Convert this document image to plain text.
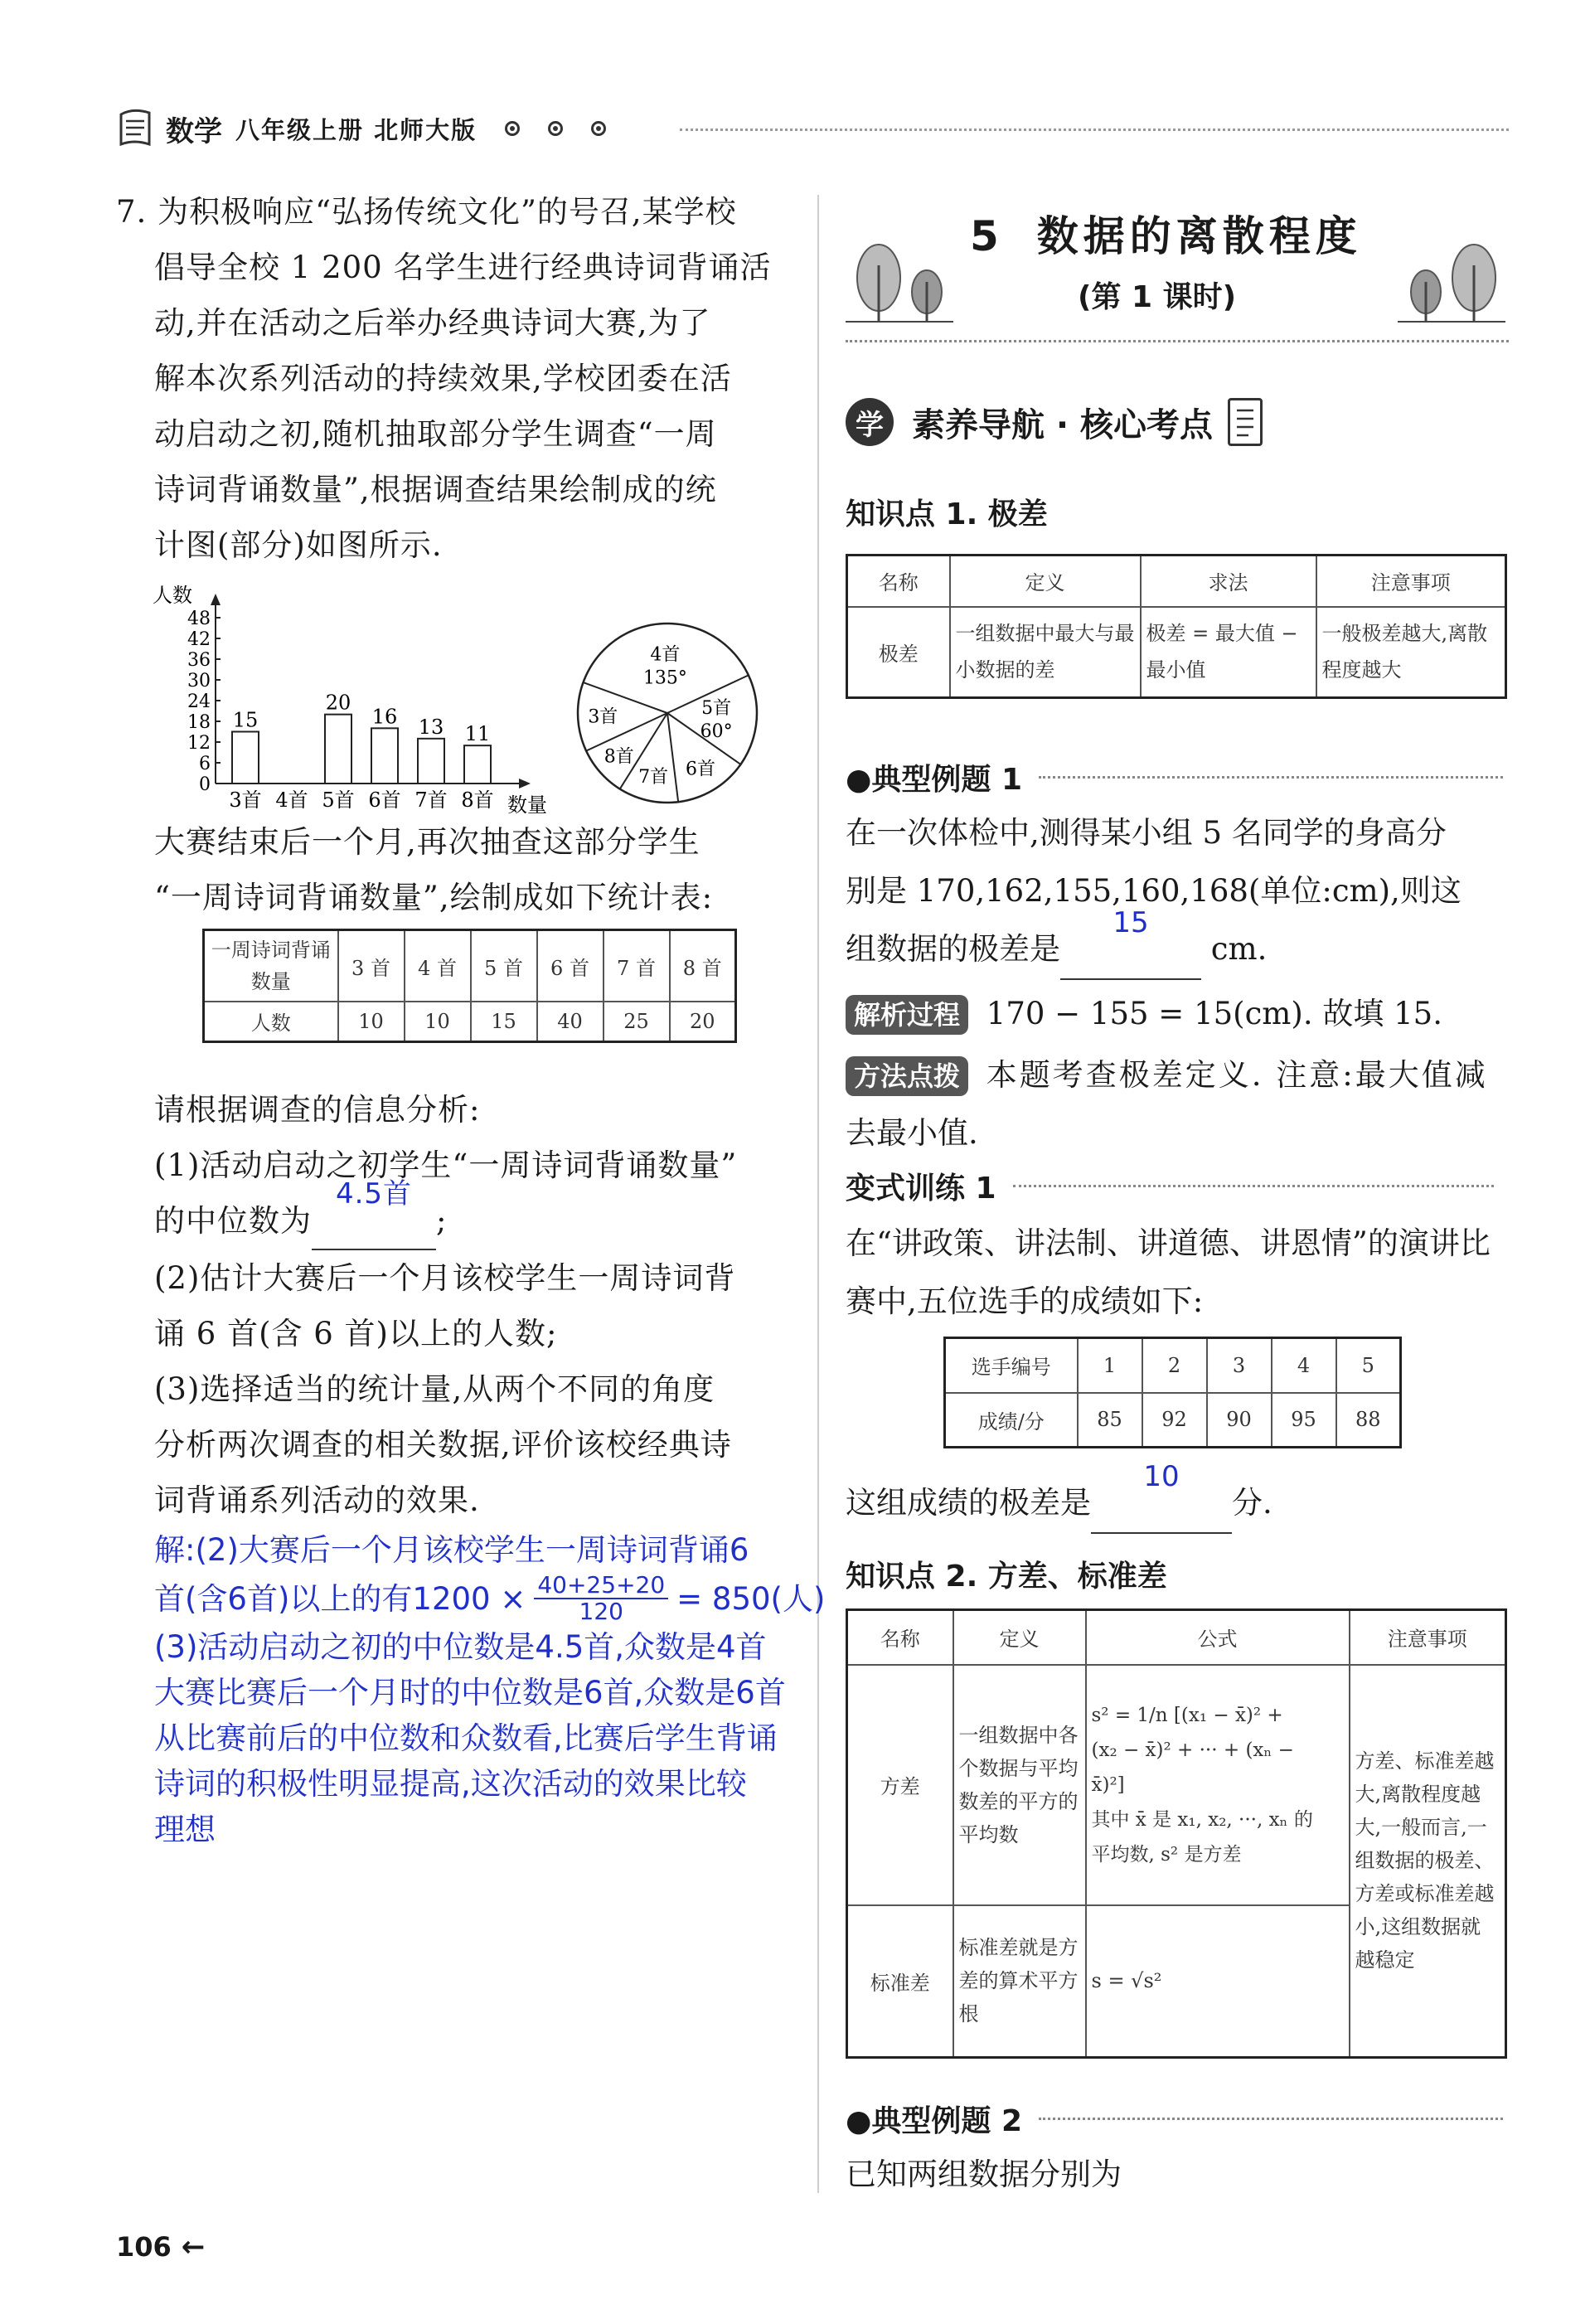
数学 八年级上册 北师大版
7. 为积极响应“弘扬传统文化”的号召,某学校
倡导全校 1 200 名学生进行经典诗词背诵活
动,并在活动之后举办经典诗词大赛,为了
解本次系列活动的持续效果,学校团委在活
动启动之初,随机抽取部分学生调查“一周
诗词背诵数量”,根据调查结果绘制成的统
计图(部分)如图所示.
人数
0
6
12
18
24
30
36
42
48
15
3首 4首
20
5首
16
6首
13
7首
11
8首 数量
4首
135°
5首
60°
6首
7首
8首
3首
大赛结束后一个月,再次抽查这部分学生
“一周诗词背诵数量”,绘制成如下统计表:
一周诗词背诵数量	3 首	4 首	5 首	6 首	7 首	8 首
人数	10	10	15	40	25	20
请根据调查的信息分析:
(1)活动启动之初学生“一周诗词背诵数量”
的中位数为
4.5首
;
(2)估计大赛后一个月该校学生一周诗词背
诵 6 首(含 6 首)以上的人数;
(3)选择适当的统计量,从两个不同的角度
分析两次调查的相关数据,评价该校经典诗
词背诵系列活动的效果.
解:(2)大赛后一个月该校学生一周诗词背诵6
首(含6首)以上的有$1200 \times \frac{40+25+20}{120} = 850$(人)
(3)活动启动之初的中位数是4.5首,众数是4首
大赛比赛后一个月时的中位数是6首,众数是6首
从比赛前后的中位数和众数看,比赛后学生背诵
诗词的积极性明显提高,这次活动的效果比较
理想
5 数据的离散程度
(第 1 课时)
学 素养导航 · 核心考点
知识点 1. 极差
名称	定义	求法	注意事项
极差	一组数据中最大与最小数据的差	极差 = 最大值 − 最小值	一般极差越大,离散程度越大
●典型例题 1
在一次体检中,测得某小组 5 名同学的身高分
别是 170,162,155,160,168(单位:cm),则这
组数据的极差是
15
cm.
解析过程 170 − 155 = 15(cm). 故填 15.
方法点拨 本题考查极差定义. 注意:最大值减
去最小值.
变式训练 1
在“讲政策、讲法制、讲道德、讲恩情”的演讲比
赛中,五位选手的成绩如下:
选手编号	1	2	3	4	5
成绩/分	85	92	90	95	88
这组成绩的极差是
10
分.
知识点 2. 方差、标准差
名称	定义	公式	注意事项
方差	一组数据中各个数据与平均数差的平方的平均数	s² = 1/n [(x₁ − x̄)² +
(x₂ − x̄)² + ··· + (xₙ −
x̄)²]
其中 x̄ 是 x₁, x₂, ···, xₙ 的
平均数, s² 是方差	方差、标准差越大,离散程度越大,一般而言,一组数据的极差、方差或标准差越小,这组数据就越稳定
标准差	标准差就是方差的算术平方根	s = √s²	
●典型例题 2
已知两组数据分别为
106 ←
